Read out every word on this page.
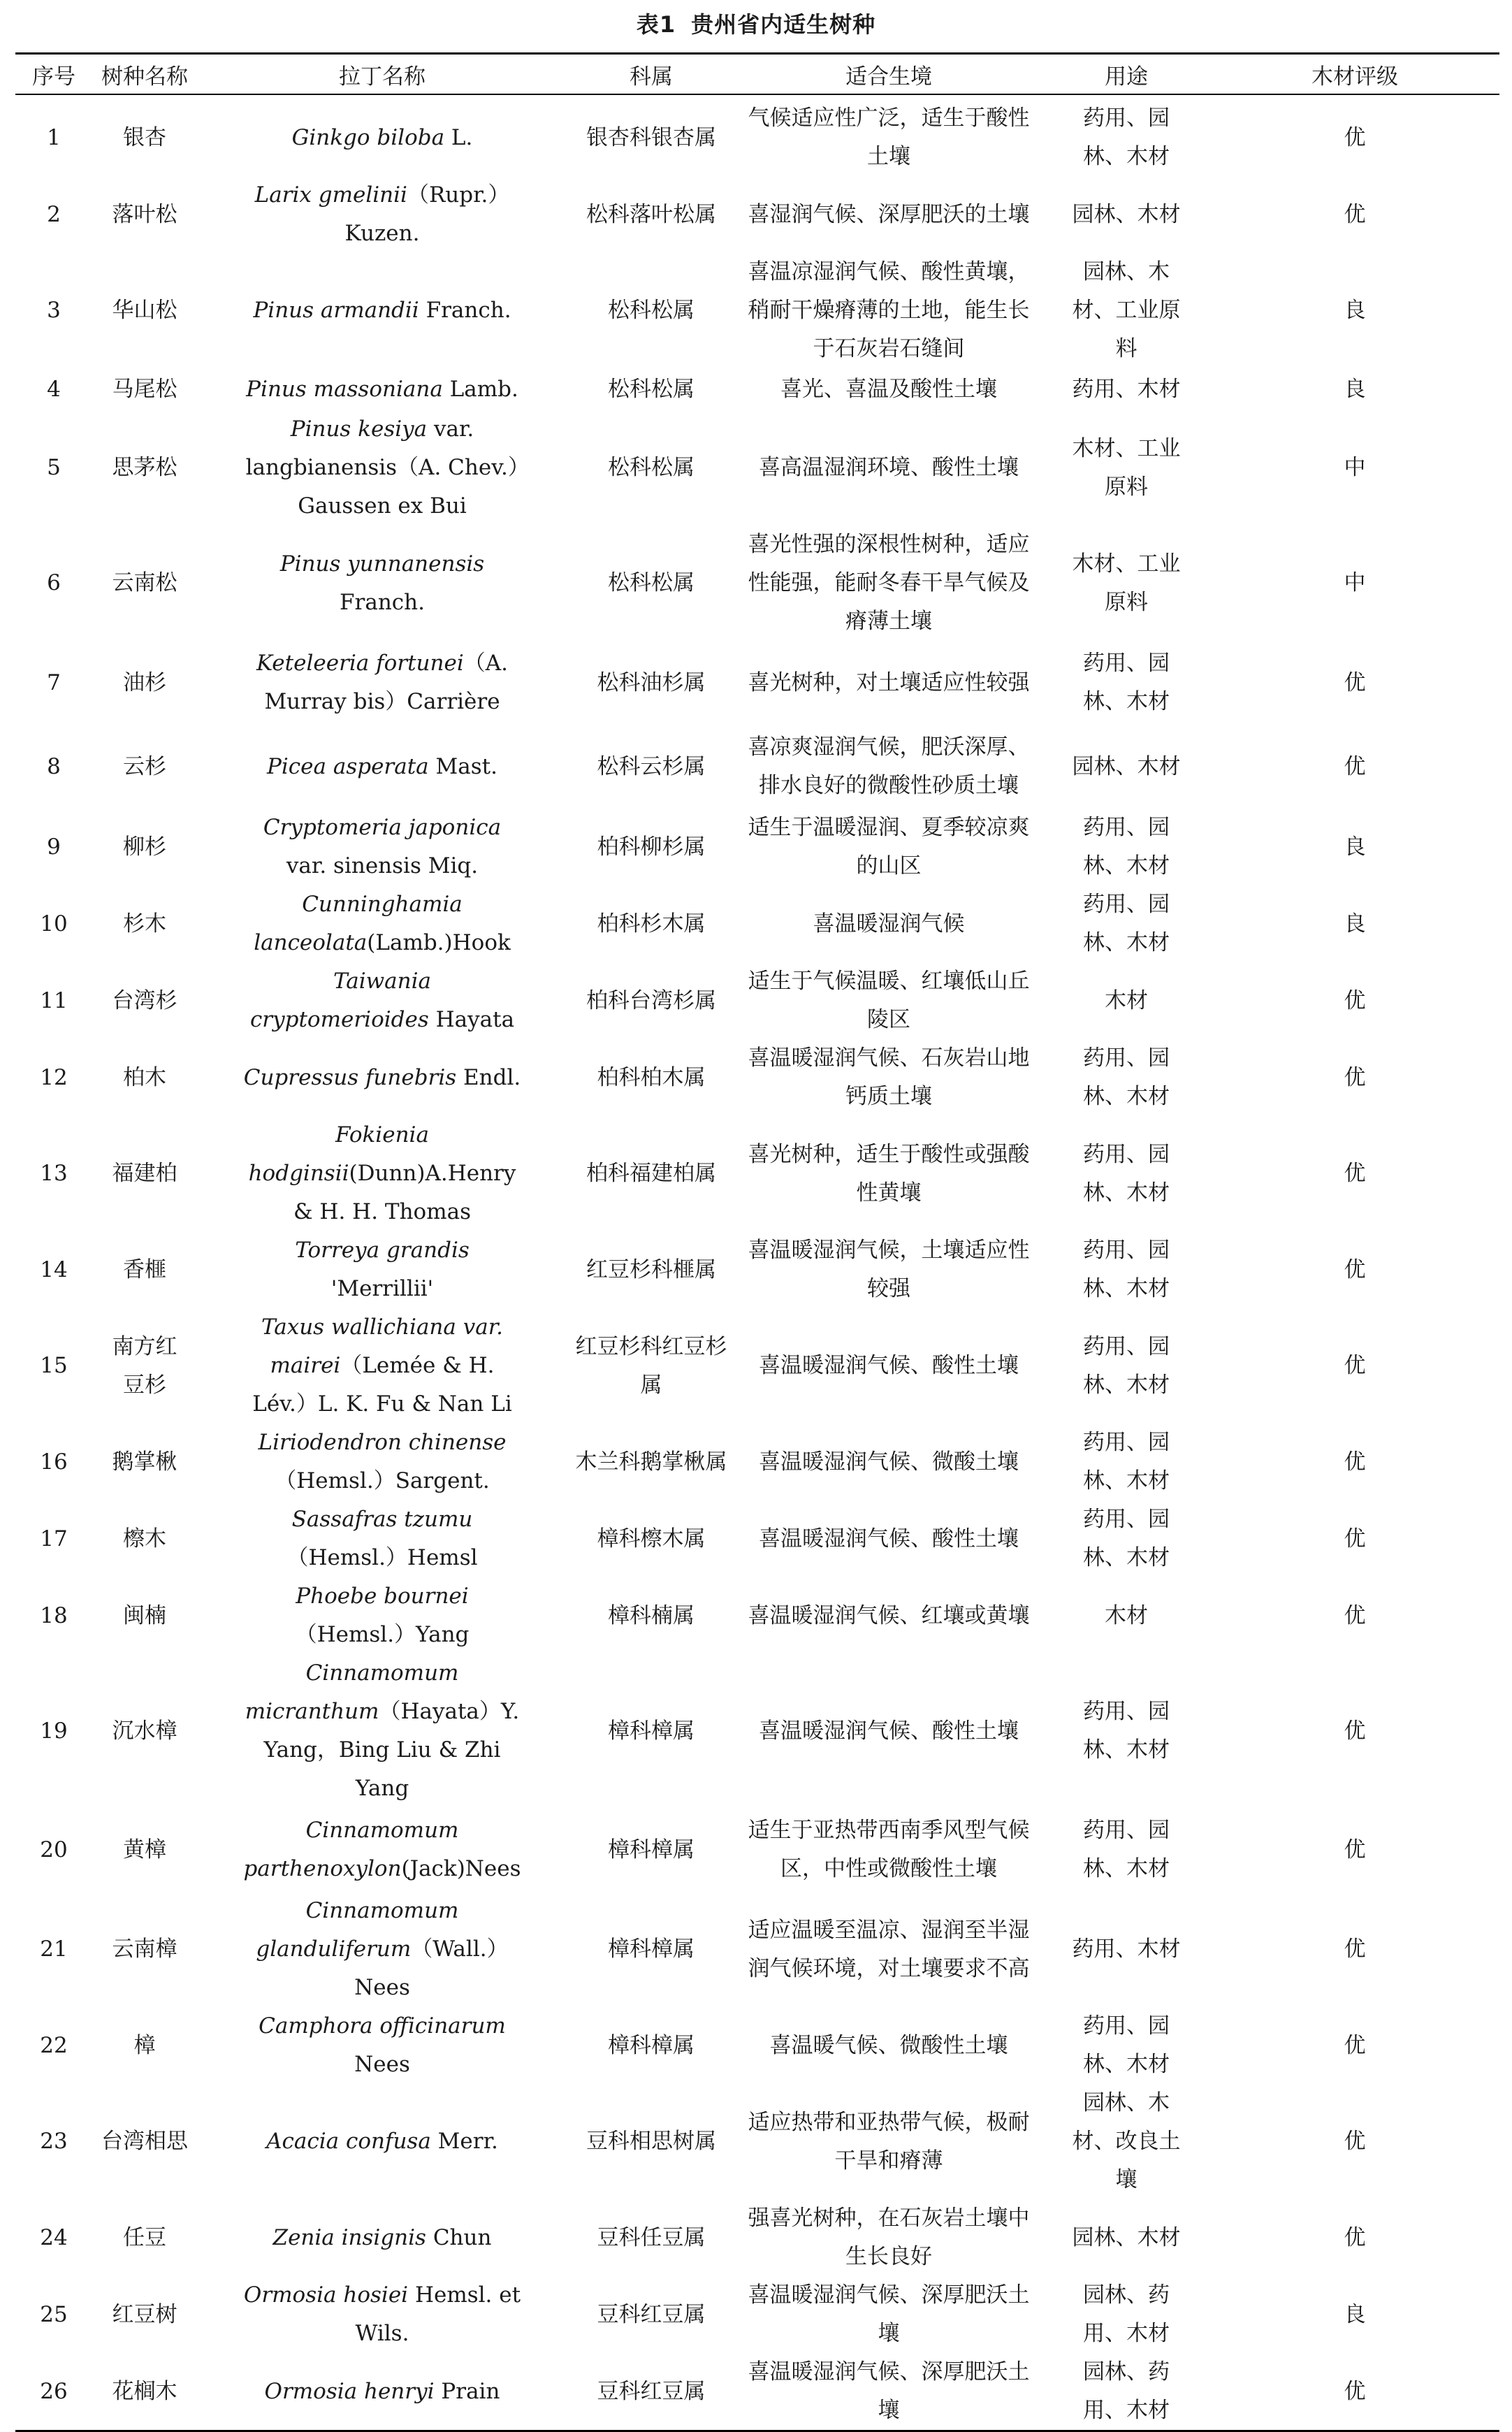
表1 贵州省内适生树种
序号	树种名称	拉丁名称	科属	适合生境	用途	木材评级
1	银杏	Ginkgo biloba L.	银杏科银杏属	气候适应性广泛，适生于酸性土壤	药用、园林、木材	优
2	落叶松	Larix gmelinii（Rupr.）Kuzen.	松科落叶松属	喜湿润气候、深厚肥沃的土壤	园林、木材	优
3	华山松	Pinus armandii Franch.	松科松属	喜温凉湿润气候、酸性黄壤，稍耐干燥瘠薄的土地，能生长于石灰岩石缝间	园林、木材、工业原料	良
4	马尾松	Pinus massoniana Lamb.	松科松属	喜光、喜温及酸性土壤	药用、木材	良
5	思茅松	Pinus kesiya var. langbianensis（A. Chev.）Gaussen ex Bui	松科松属	喜高温湿润环境、酸性土壤	木材、工业原料	中
6	云南松	Pinus yunnanensis Franch.	松科松属	喜光性强的深根性树种，适应性能强，能耐冬春干旱气候及瘠薄土壤	木材、工业原料	中
7	油杉	Keteleeria fortunei（A. Murray bis）Carrière	松科油杉属	喜光树种，对土壤适应性较强	药用、园林、木材	优
8	云杉	Picea asperata Mast.	松科云杉属	喜凉爽湿润气候，肥沃深厚、排水良好的微酸性砂质土壤	园林、木材	优
9	柳杉	Cryptomeria japonica var. sinensis Miq.	柏科柳杉属	适生于温暖湿润、夏季较凉爽的山区	药用、园林、木材	良
10	杉木	Cunninghamia lanceolata(Lamb.)Hook	柏科杉木属	喜温暖湿润气候	药用、园林、木材	良
11	台湾杉	Taiwania cryptomerioides Hayata	柏科台湾杉属	适生于气候温暖、红壤低山丘陵区	木材	优
12	柏木	Cupressus funebris Endl.	柏科柏木属	喜温暖湿润气候、石灰岩山地钙质土壤	药用、园林、木材	优
13	福建柏	Fokienia hodginsii(Dunn)A.Henry & H. H. Thomas	柏科福建柏属	喜光树种，适生于酸性或强酸性黄壤	药用、园林、木材	优
14	香榧	Torreya grandis 'Merrillii'	红豆杉科榧属	喜温暖湿润气候，土壤适应性较强	药用、园林、木材	优
15	南方红豆杉	Taxus wallichiana var. mairei（Lemée & H. Lév.）L. K. Fu & Nan Li	红豆杉科红豆杉属	喜温暖湿润气候、酸性土壤	药用、园林、木材	优
16	鹅掌楸	Liriodendron chinense（Hemsl.）Sargent.	木兰科鹅掌楸属	喜温暖湿润气候、微酸土壤	药用、园林、木材	优
17	檫木	Sassafras tzumu（Hemsl.）Hemsl	樟科檫木属	喜温暖湿润气候、酸性土壤	药用、园林、木材	优
18	闽楠	Phoebe bournei（Hemsl.）Yang	樟科楠属	喜温暖湿润气候、红壤或黄壤	木材	优
19	沉水樟	Cinnamomum micranthum（Hayata）Y. Yang，Bing Liu & Zhi Yang	樟科樟属	喜温暖湿润气候、酸性土壤	药用、园林、木材	优
20	黄樟	Cinnamomum parthenoxylon(Jack)Nees	樟科樟属	适生于亚热带西南季风型气候区，中性或微酸性土壤	药用、园林、木材	优
21	云南樟	Cinnamomum glanduliferum（Wall.）Nees	樟科樟属	适应温暖至温凉、湿润至半湿润气候环境，对土壤要求不高	药用、木材	优
22	樟	Camphora officinarum Nees	樟科樟属	喜温暖气候、微酸性土壤	药用、园林、木材	优
23	台湾相思	Acacia confusa Merr.	豆科相思树属	适应热带和亚热带气候，极耐干旱和瘠薄	园林、木材、改良土壤	优
24	任豆	Zenia insignis Chun	豆科任豆属	强喜光树种，在石灰岩土壤中生长良好	园林、木材	优
25	红豆树	Ormosia hosiei Hemsl. et Wils.	豆科红豆属	喜温暖湿润气候、深厚肥沃土壤	园林、药用、木材	良
26	花榈木	Ormosia henryi Prain	豆科红豆属	喜温暖湿润气候、深厚肥沃土壤	园林、药用、木材	优
